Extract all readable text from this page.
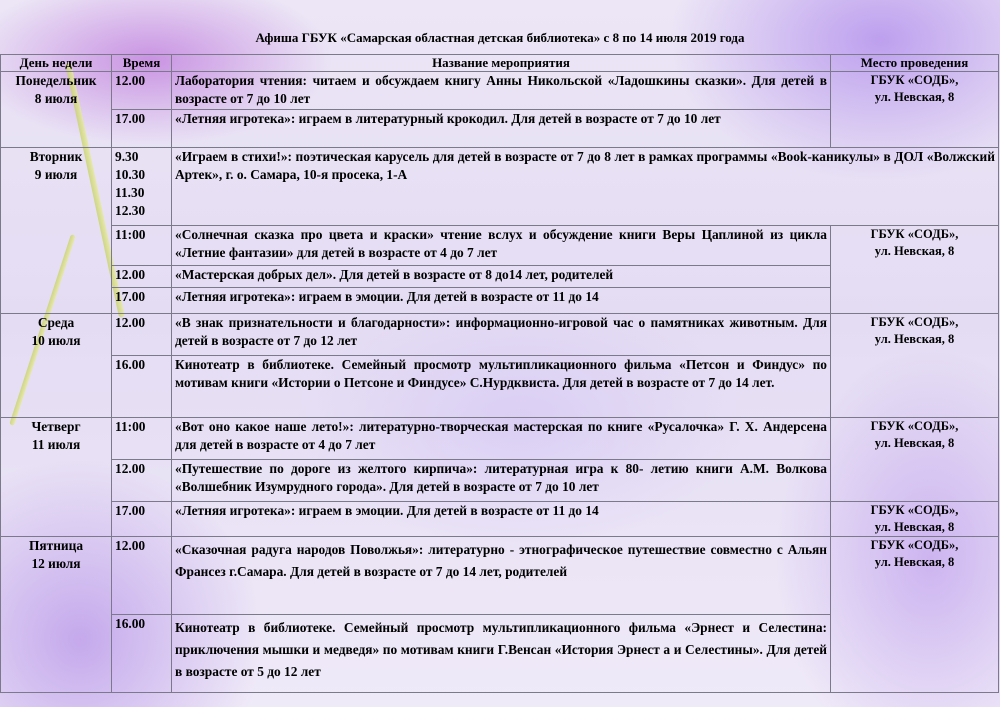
Афиша ГБУК «Самарская областная детская библиотека» с 8 по 14 июля 2019 года
День недели	Время	Название мероприятия	Место проведения

Понедельник
8 июля	12.00	Лаборатория чтения: читаем и обсуждаем книгу Анны Никольской «Ладошкины сказки». Для детей в возрасте от 7 до 10 лет	ГБУК «СОДБ»,
ул. Невская, 8

	17.00	«Летняя игротека»: играем в литературный крокодил. Для детей в возрасте от 7 до 10 лет	

Вторник
9 июля	9.30
10.30
11.30
12.30	«Играем в стихи!»: поэтическая карусель для детей в возрасте от 7 до 8 лет в рамках программы «Book-каникулы» в ДОЛ «Волжский Артек», г. о. Самара, 10-я просека, 1-А	
	11:00	«Солнечная сказка про цвета и краски» чтение вслух и обсуждение книги Веры Цаплиной из цикла «Летние фантазии» для детей в возрасте от 4 до 7 лет	ГБУК «СОДБ»,
ул. Невская, 8

	12.00	«Мастерская добрых дел». Для детей в возрасте от 8 до14 лет, родителей	
	17.00	«Летняя игротека»: играем в эмоции. Для детей в возрасте от 11 до 14	

Среда
10 июля	12.00	«В знак признательности и благодарности»: информационно-игровой час о памятниках животным. Для детей в возрасте от 7 до 12 лет	ГБУК «СОДБ»,
ул. Невская, 8

	16.00	Кинотеатр в библиотеке. Семейный просмотр мультипликационного фильма «Петсон и Финдус» по мотивам книги «Истории о Петсоне и Финдусе» С.Нурдквиста. Для детей в возрасте от 7 до 14 лет.	

Четверг
11 июля	11:00	«Вот оно какое наше лето!»: литературно-творческая мастерская по книге «Русалочка» Г. Х. Андерсена для детей в возрасте от 4 до 7 лет	ГБУК «СОДБ»,
ул. Невская, 8

	12.00	«Путешествие по дороге из желтого кирпича»: литературная игра к 80- летию книги А.М. Волкова «Волшебник Изумрудного города». Для детей в возрасте от 7 до 10 лет	
	17.00	«Летняя игротека»: играем в эмоции. Для детей в возрасте от 11 до 14	ГБУК «СОДБ»,
ул. Невская, 8

Пятница
12 июля	12.00	«Сказочная радуга народов Поволжья»: литературно - этнографическое путешествие совместно с Альян Франсез г.Самара. Для детей в возрасте от 7 до 14 лет, родителей	ГБУК «СОДБ»,
ул. Невская, 8

	16.00	Кинотеатр в библиотеке. Семейный просмотр мультипликационного фильма «Эрнест и Селестина: приключения мышки и медведя» по мотивам книги Г.Венсан «История Эрнест а и Селестины». Для детей в возрасте от 5 до 12 лет	
